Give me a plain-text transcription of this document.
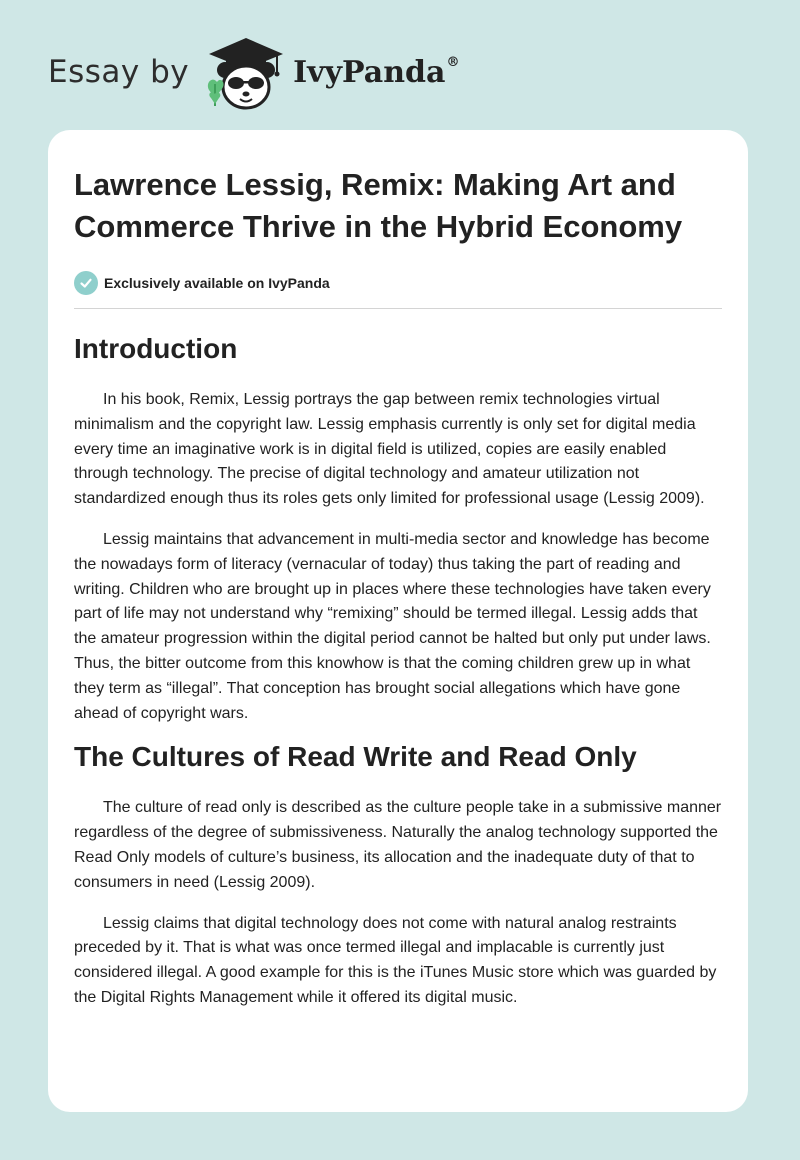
Essay by	IvyPanda®
Lawrence Lessig, Remix: Making Art and Commerce Thrive in the Hybrid Economy
Exclusively available on IvyPanda
Introduction

In his book, Remix, Lessig portrays the gap between remix technologies virtual minimalism and the copyright law. Lessig emphasis currently is only set for digital media every time an imaginative work is in digital field is utilized, copies are easily enabled through technology. The precise of digital technology and amateur utilization not standardized enough thus its roles gets only limited for professional usage (Lessig 2009).

Lessig maintains that advancement in multi-media sector and knowledge has become the nowadays form of literacy (vernacular of today) thus taking the part of reading and writing. Children who are brought up in places where these technologies have taken every part of life may not understand why “remixing” should be termed illegal. Lessig adds that the amateur progression within the digital period cannot be halted but only put under laws. Thus, the bitter outcome from this knowhow is that the coming children grew up in what they term as “illegal”. That conception has brought social allegations which have gone ahead of copyright wars.

The Cultures of Read Write and Read Only

The culture of read only is described as the culture people take in a submissive manner regardless of the degree of submissiveness. Naturally the analog technology supported the Read Only models of culture’s business, its allocation and the inadequate duty of that to consumers in need (Lessig 2009).

Lessig claims that digital technology does not come with natural analog restraints preceded by it. That is what was once termed illegal and implacable is currently just considered illegal. A good example for this is the iTunes Music store which was guarded by the Digital Rights Management while it offered its digital music.
